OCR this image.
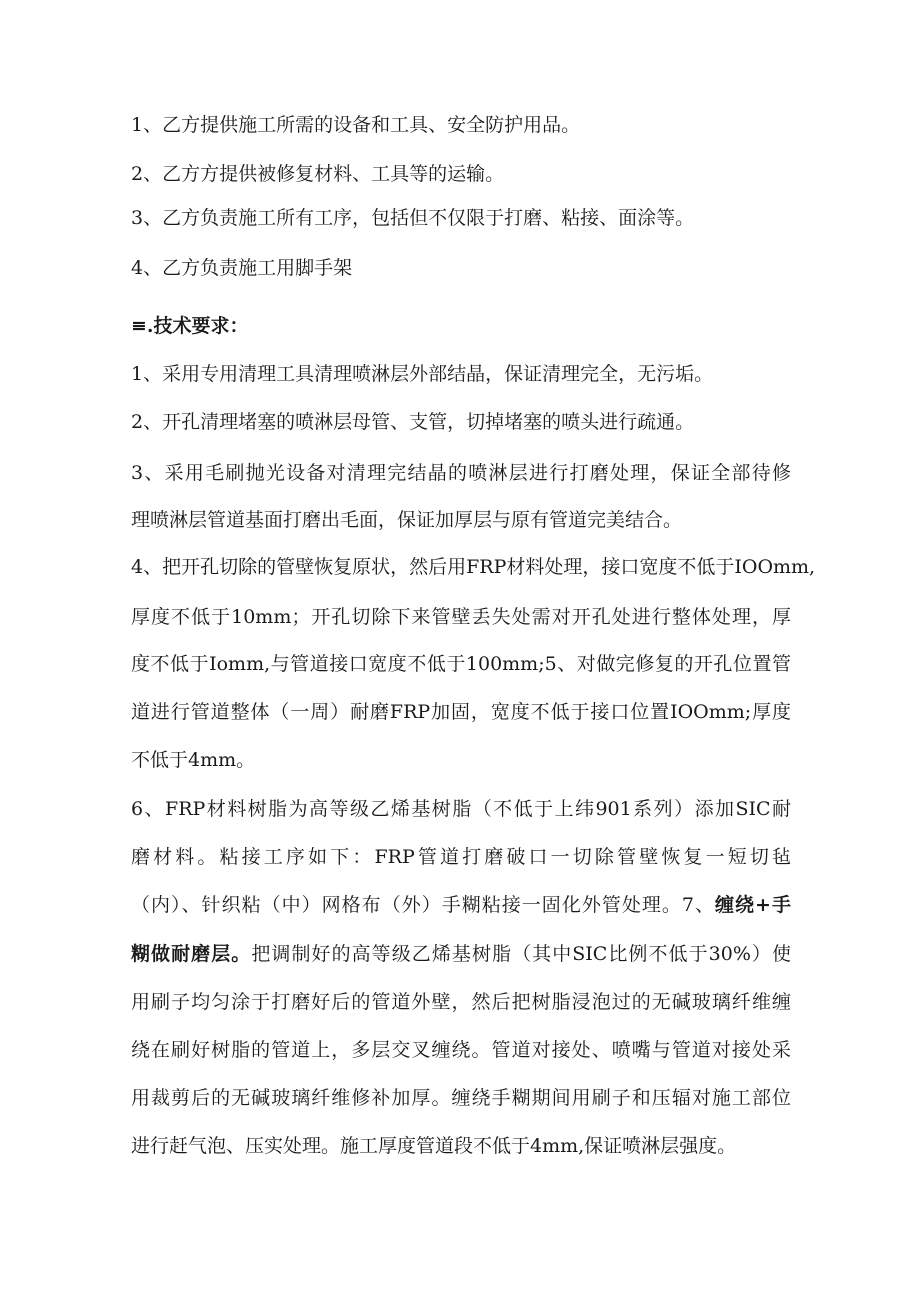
1、乙方提供施工所需的设备和工具、安全防护用品。
2、乙方方提供被修复材料、工具等的运输。
3、乙方负责施工所有工序，包括但不仅限于打磨、粘接、面涂等。
4、乙方负责施工用脚手架
≡.技术要求：
1、采用专用清理工具清理喷淋层外部结晶，保证清理完全，无污垢。
2、开孔清理堵塞的喷淋层母管、支管，切掉堵塞的喷头进行疏通。
3、采用毛刷抛光设备对清理完结晶的喷淋层进行打磨处理，保证全部待修
理喷淋层管道基面打磨出毛面，保证加厚层与原有管道完美结合。
4、把开孔切除的管壁恢复原状，然后用FRP材料处理，接口宽度不低于IOOmm,
厚度不低于10mm；开孔切除下来管壁丢失处需对开孔处进行整体处理，厚
度不低于Iomm,与管道接口宽度不低于100mm;5、对做完修复的开孔位置管
道进行管道整体（一周）耐磨FRP加固，宽度不低于接口位置IOOmm;厚度
不低于4mm。
6、FRP材料树脂为高等级乙烯基树脂（不低于上纬901系列）添加SIC耐
磨材料。粘接工序如下：FRP管道打磨破口一切除管壁恢复一短切毡
（内）、针织粘（中）网格布（外）手糊粘接一固化外管处理。7、缠绕+手
糊做耐磨层。把调制好的高等级乙烯基树脂（其中SIC比例不低于30%）使
用刷子均匀涂于打磨好后的管道外壁，然后把树脂浸泡过的无碱玻璃纤维缠
绕在刷好树脂的管道上，多层交叉缠绕。管道对接处、喷嘴与管道对接处采
用裁剪后的无碱玻璃纤维修补加厚。缠绕手糊期间用刷子和压辐对施工部位
进行赶气泡、压实处理。施工厚度管道段不低于4mm,保证喷淋层强度。
